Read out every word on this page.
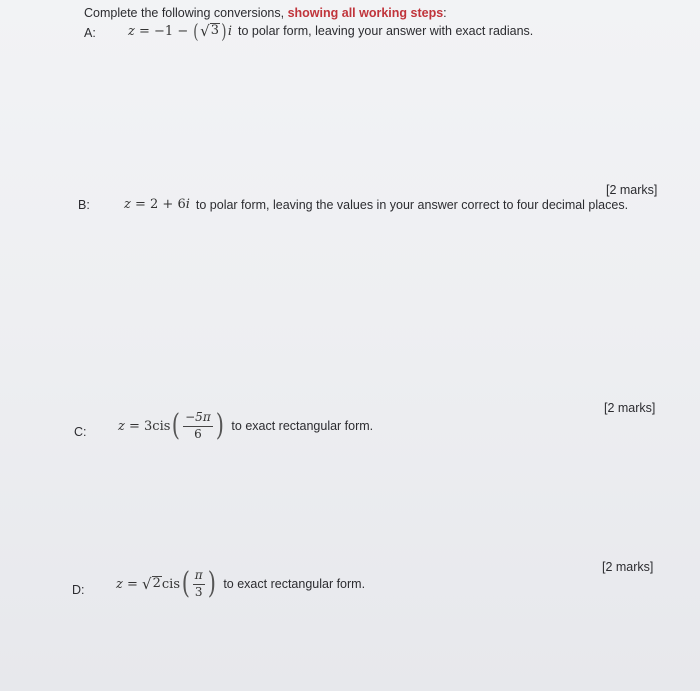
Complete the following conversions, showing all working steps:
A: z = −1 − ( √ 3 ) i to polar form, leaving your answer with exact radians.
[2 marks]
B:	z = 2 + 6 i to polar form, leaving the values in your answer correct to four decimal places.
[2 marks]
C: z = 3cis ( $\frac{-5\pi}{6}$ ) to exact rectangular form.
[2 marks]
D: z = √ 2 cis ( $\frac{\pi}{3}$ ) to exact rectangular form.
